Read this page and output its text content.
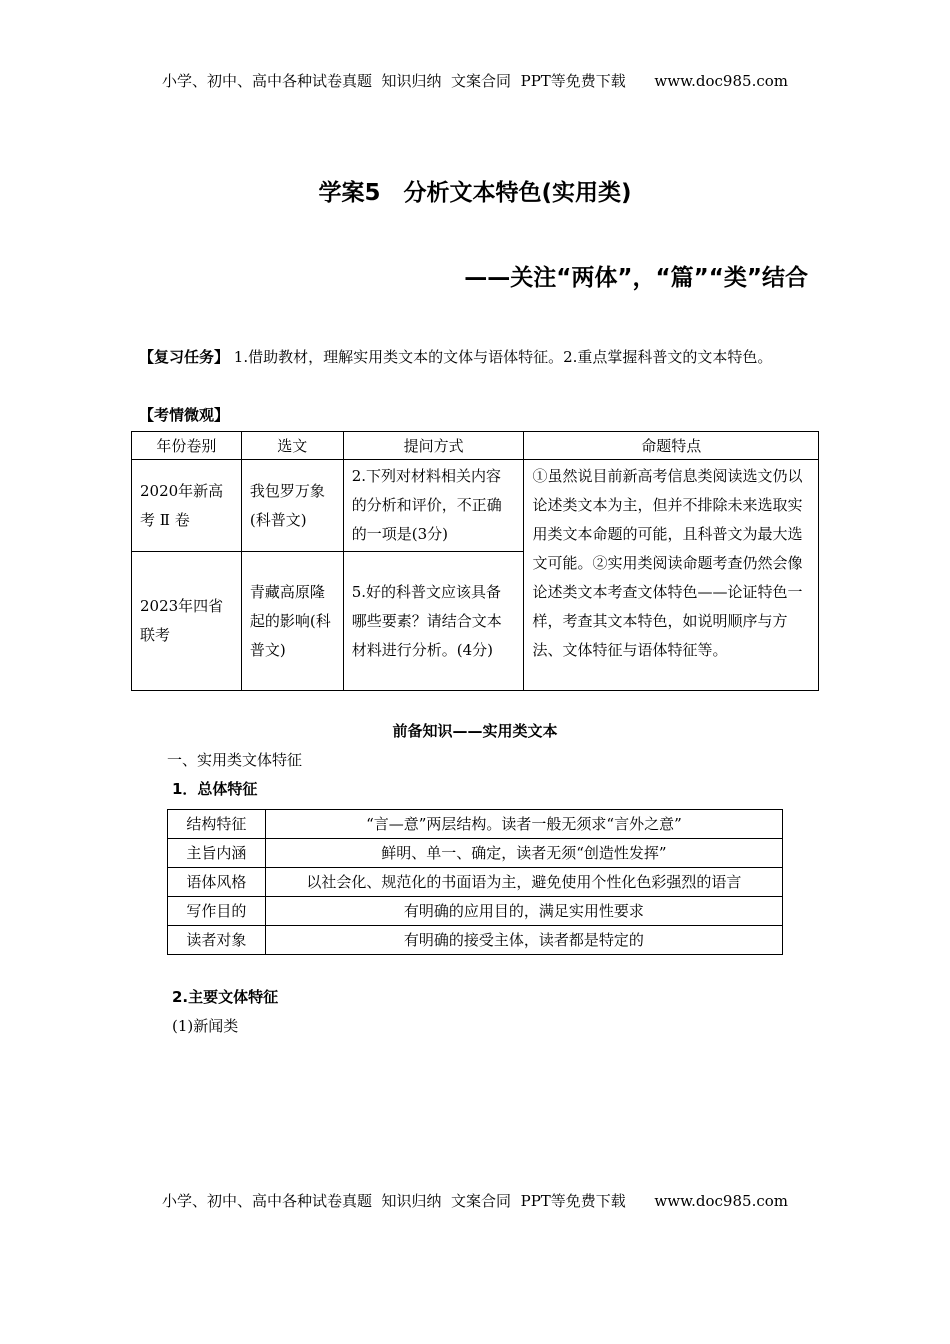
小学、初中、高中各种试卷真题  知识归纳  文案合同  PPT等免费下载      www.doc985.com
学案5　分析文本特色(实用类)
——关注“两体”，“篇”“类”结合
【复习任务】 1.借助教材，理解实用类文本的文体与语体特征。2.重点掌握科普文的文本特色。
【考情微观】
年份卷别	选文	提问方式	命题特点
2020年新高考 Ⅱ 卷	我包罗万象(科普文)	2.下列对材料相关内容的分析和评价，不正确的一项是(3分)	①虽然说目前新高考信息类阅读选文仍以论述类文本为主，但并不排除未来选取实用类文本命题的可能，且科普文为最大选文可能。②实用类阅读命题考查仍然会像论述类文本考查文体特色——论证特色一样，考查其文本特色，如说明顺序与方法、文体特征与语体特征等。
2023年四省联考	青藏高原隆起的影响(科普文)	5.好的科普文应该具备哪些要素？请结合文本材料进行分析。(4分)	
前备知识——实用类文本
一、实用类文体特征
1．总体特征
结构特征	“言—意”两层结构。读者一般无须求“言外之意”
主旨内涵	鲜明、单一、确定，读者无须“创造性发挥”
语体风格	以社会化、规范化的书面语为主，避免使用个性化色彩强烈的语言
写作目的	有明确的应用目的，满足实用性要求
读者对象	有明确的接受主体，读者都是特定的
2.主要文体特征
(1)新闻类
小学、初中、高中各种试卷真题  知识归纳  文案合同  PPT等免费下载      www.doc985.com
